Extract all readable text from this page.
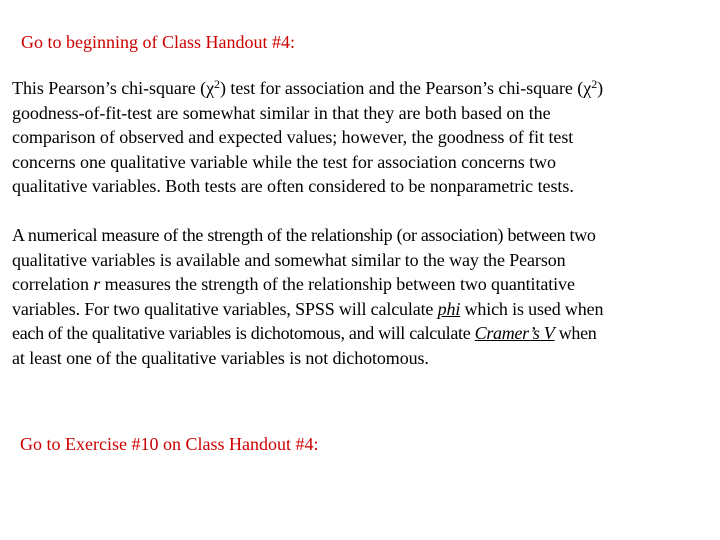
Go to beginning of Class Handout #4:

This Pearson’s chi-square $(\chi^2)$ test for association and the Pearson’s chi-square $(\chi^2)$
goodness-of-fit-test are somewhat similar in that they are both based on the
comparison of observed and expected values; however, the goodness of fit test
concerns one qualitative variable while the test for association concerns two
qualitative variables. Both tests are often considered to be nonparametric tests.

A numerical measure of the strength of the relationship (or association) between two
qualitative variables is available and somewhat similar to the way the Pearson
correlation r measures the strength of the relationship between two quantitative
variables. For two qualitative variables, SPSS will calculate phi which is used when
each of the qualitative variables is dichotomous, and will calculate Cramer’s V when
at least one of the qualitative variables is not dichotomous.

Go to Exercise #10 on Class Handout #4:
